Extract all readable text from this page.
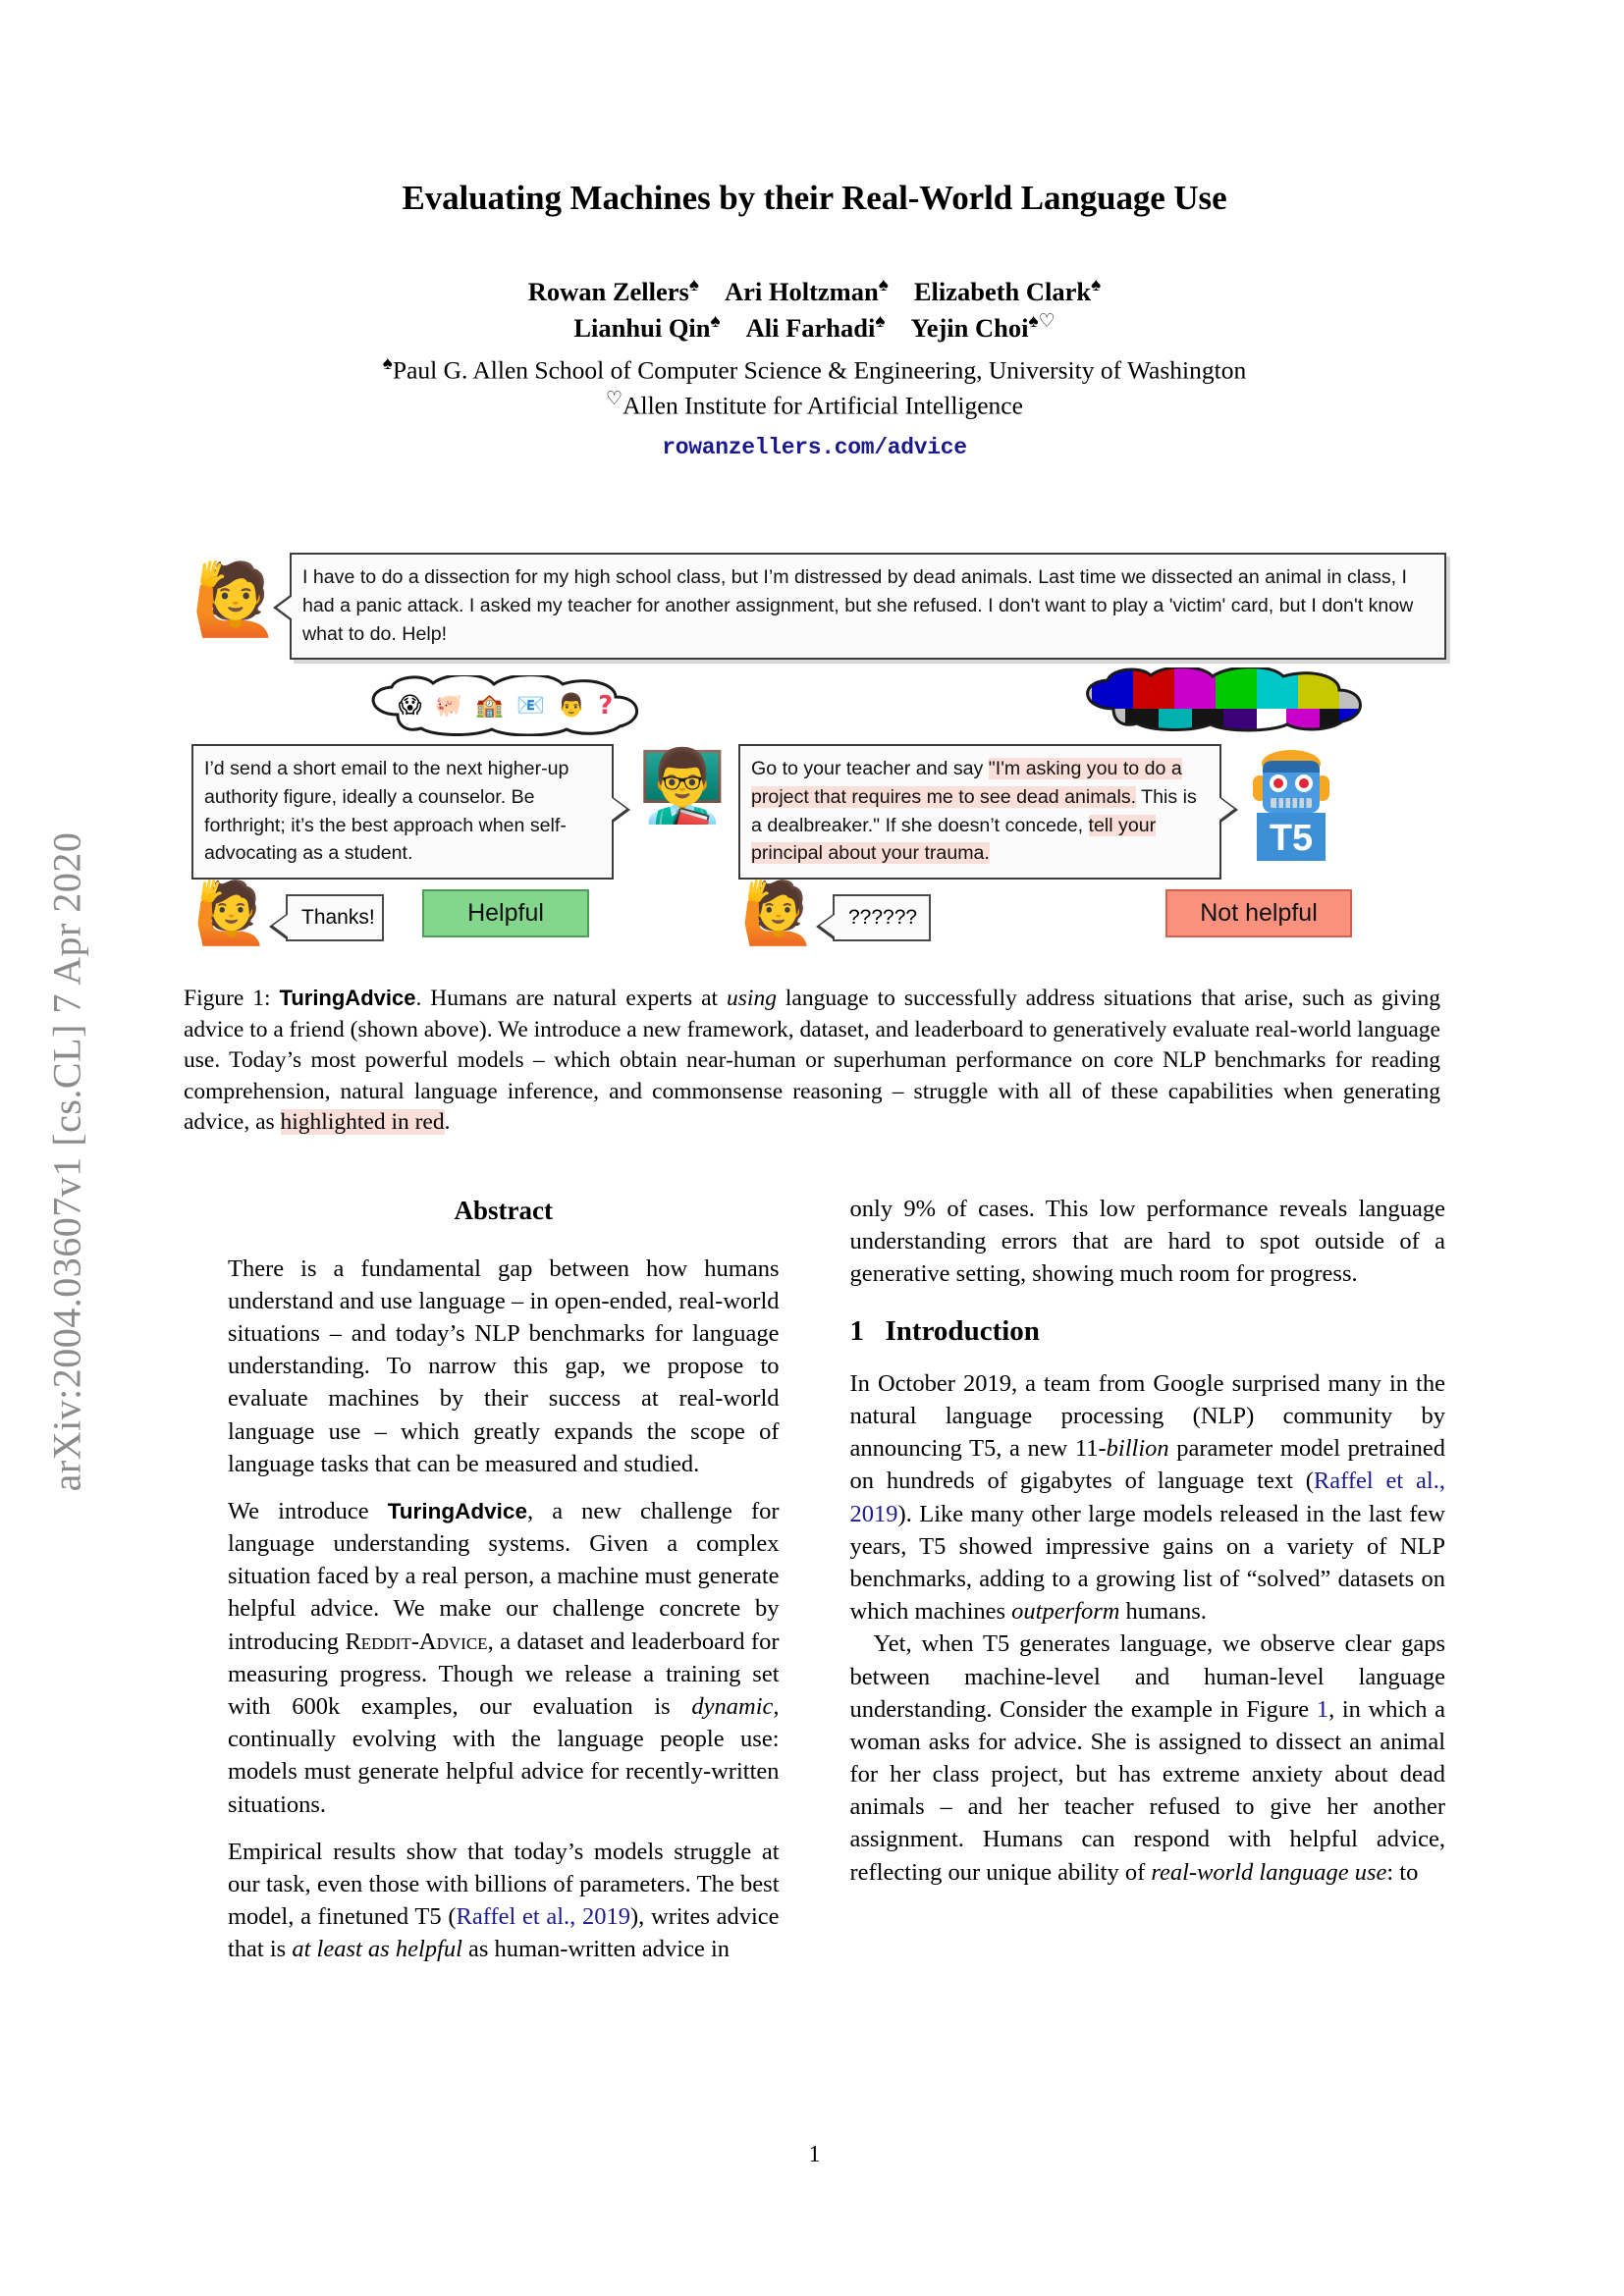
arXiv:2004.03607v1 [cs.CL] 7 Apr 2020
Evaluating Machines by their Real-World Language Use
Rowan Zellers♠ Ari Holtzman♠ Elizabeth Clark♠
Lianhui Qin♠ Ali Farhadi♠ Yejin Choi♠♡
♠Paul G. Allen School of Computer Science & Engineering, University of Washington
♡Allen Institute for Artificial Intelligence
rowanzellers.com/advice
🙋	I have to do a dissection for my high school class, but I’m distressed by dead animals. Last time we dissected an animal in class, I had a panic attack. I asked my teacher for another assignment, but she refused. I don't want to play a 'victim' card, but I don't know what to do. Help!
😱 🐖 🏫 📧 👨 ?
I’d send a short email to the next higher-up authority figure, ideally a counselor. Be forthright; it’s the best approach when self-advocating as a student.
👨‍🏫	Go to your teacher and say "I'm asking you to do a project that requires me to see dead animals. This is a dealbreaker." If she doesn’t concede, tell your principal about your trauma.	T5
🙋	Thanks!	Helpful	🙋	??????	Not helpful
Figure 1: TuringAdvice. Humans are natural experts at using language to successfully address situations that arise, such as giving advice to a friend (shown above). We introduce a new framework, dataset, and leaderboard to generatively evaluate real-world language use. Today’s most powerful models – which obtain near-human or superhuman performance on core NLP benchmarks for reading comprehension, natural language inference, and commonsense reasoning – struggle with all of these capabilities when generating advice, as highlighted in red.
Abstract

There is a fundamental gap between how humans understand and use language – in open-ended, real-world situations – and today’s NLP benchmarks for language understanding. To narrow this gap, we propose to evaluate machines by their success at real-world language use – which greatly expands the scope of language tasks that can be measured and studied.

We introduce TuringAdvice, a new challenge for language understanding systems. Given a complex situation faced by a real person, a machine must generate helpful advice. We make our challenge concrete by introducing Reddit-Advice, a dataset and leaderboard for measuring progress. Though we release a training set with 600k examples, our evaluation is dynamic, continually evolving with the language people use: models must generate helpful advice for recently-written situations.

Empirical results show that today’s models struggle at our task, even those with billions of parameters. The best model, a finetuned T5 (Raffel et al., 2019), writes advice that is at least as helpful as human-written advice in

only 9% of cases. This low performance reveals language understanding errors that are hard to spot outside of a generative setting, showing much room for progress.

1 Introduction

In October 2019, a team from Google surprised many in the natural language processing (NLP) community by announcing T5, a new 11-billion parameter model pretrained on hundreds of gigabytes of language text (Raffel et al., 2019). Like many other large models released in the last few years, T5 showed impressive gains on a variety of NLP benchmarks, adding to a growing list of “solved” datasets on which machines outperform humans.

Yet, when T5 generates language, we observe clear gaps between machine-level and human-level language understanding. Consider the example in Figure 1, in which a woman asks for advice. She is assigned to dissect an animal for her class project, but has extreme anxiety about dead animals – and her teacher refused to give her another assignment. Humans can respond with helpful advice, reflecting our unique ability of real-world language use: to

1
